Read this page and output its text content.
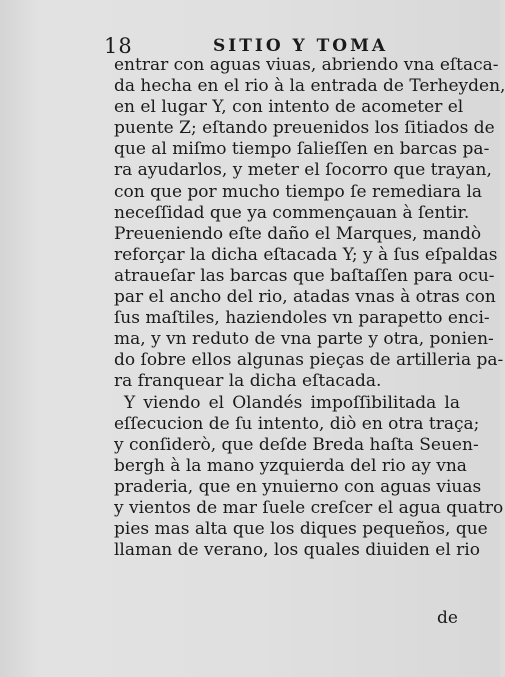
18	SITIO Y TOMA
entrar con aguas viuas, abriendo vna eſtaca-
da hecha en el rio à la entrada de Terheyden,
en el lugar Y, con intento de acometer el
puente Z; eſtando preuenidos los ſitiados de
que al miſmo tiempo ſalieſſen en barcas pa-
ra ayudarlos, y meter el ſocorro que trayan,
con que por mucho tiempo ſe remediara la
neceſſidad que ya commençauan à ſentir.
Preueniendo eſte daño el Marques, mandò
reforçar la dicha eſtacada Y; y à ſus eſpaldas
atraueſar las barcas que baſtaſſen para ocu-
par el ancho del rio, atadas vnas à otras con
ſus maſtiles, haziendoles vn parapetto enci-
ma, y vn reduto de vna parte y otra, ponien-
do ſobre ellos algunas pieças de artilleria pa-
ra franquear la dicha eſtacada.
Y viendo el Olandés impoſſibilitada la
eſſecucion de ſu intento, diò en otra traça;
y conſiderò, que deſde Breda haſta Seuen-
bergh à la mano yzquierda del rio ay vna
praderia, que en ynuierno con aguas viuas
y vientos de mar ſuele creſcer el agua quatro
pies mas alta que los diques pequeños, que
llaman de verano, los quales diuiden el rio
de
